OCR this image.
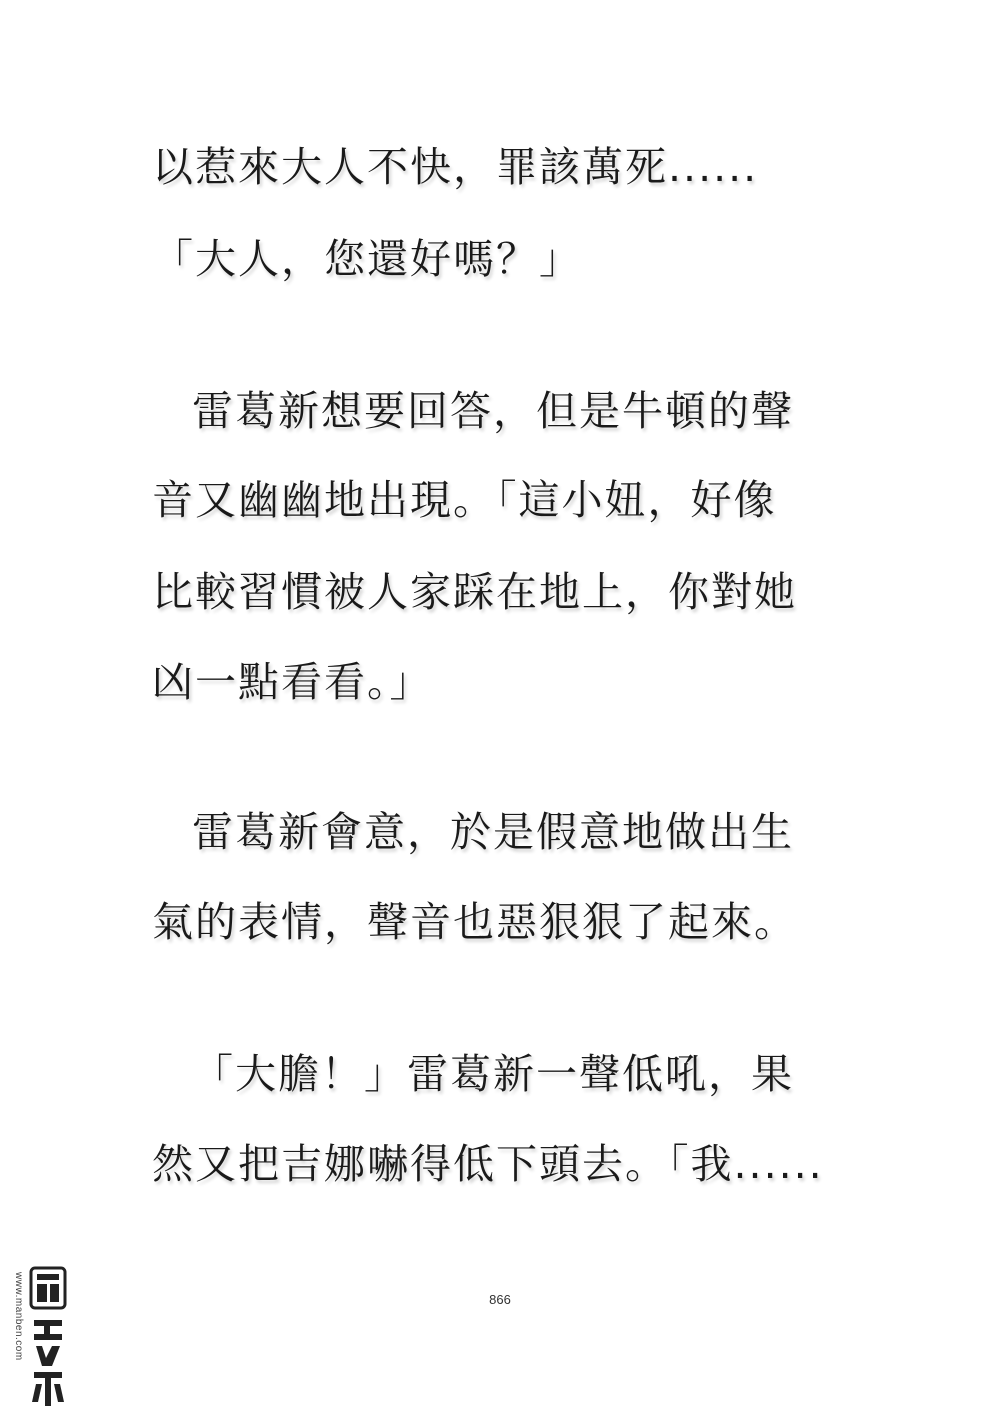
以惹來大人不快，罪該萬死......
「大人，您還好嗎？」
雷葛新想要回答，但是牛頓的聲
音又幽幽地出現。「這小妞，好像
比較習慣被人家踩在地上，你對她
凶一點看看。」
雷葛新會意，於是假意地做出生
氣的表情，聲音也惡狠狠了起來。
「大膽！」雷葛新一聲低吼，果
然又把吉娜嚇得低下頭去。「我......
866
www.manben.com
